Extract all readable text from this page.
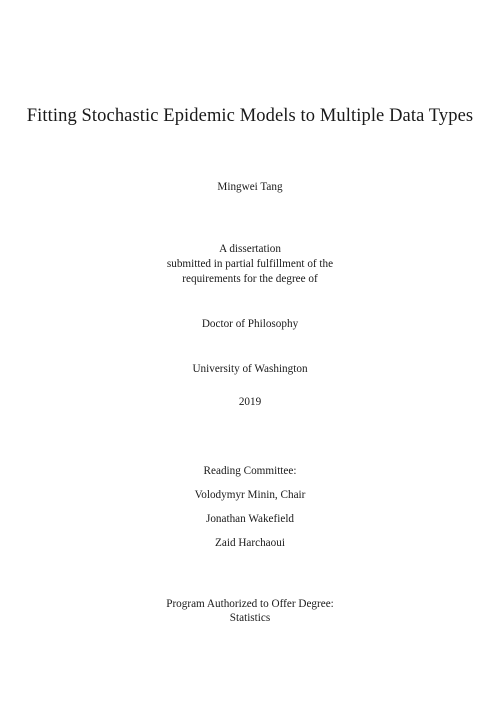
Fitting Stochastic Epidemic Models to Multiple Data Types
Mingwei Tang
A dissertation
submitted in partial fulfillment of the
requirements for the degree of
Doctor of Philosophy
University of Washington
2019
Reading Committee:
Volodymyr Minin, Chair
Jonathan Wakefield
Zaid Harchaoui
Program Authorized to Offer Degree:
Statistics
